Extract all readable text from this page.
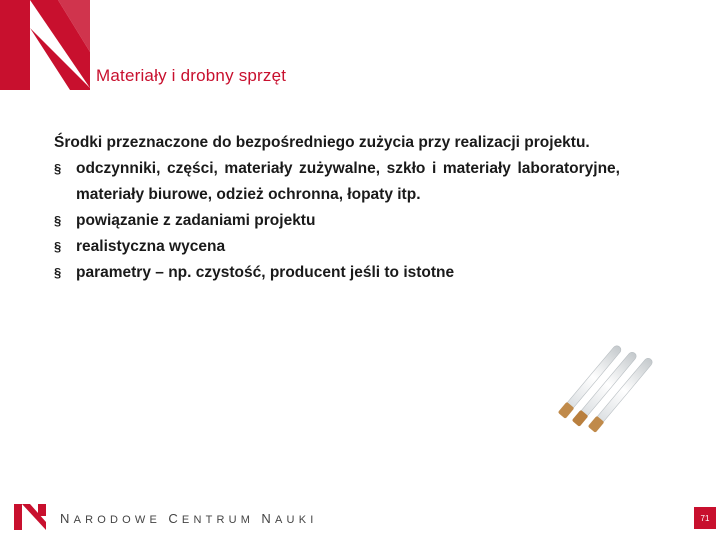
Materiały i drobny sprzęt
Środki przeznaczone do bezpośredniego zużycia przy realizacji projektu.
§ odczynniki, części, materiały zużywalne, szkło i materiały laboratoryjne, materiały biurowe, odzież ochronna, łopaty itp.
§ powiązanie z zadaniami projektu
§ realistyczna wycena
§ parametry – np. czystość, producent jeśli to istotne
NARODOWE CENTRUM NAUKI	71
